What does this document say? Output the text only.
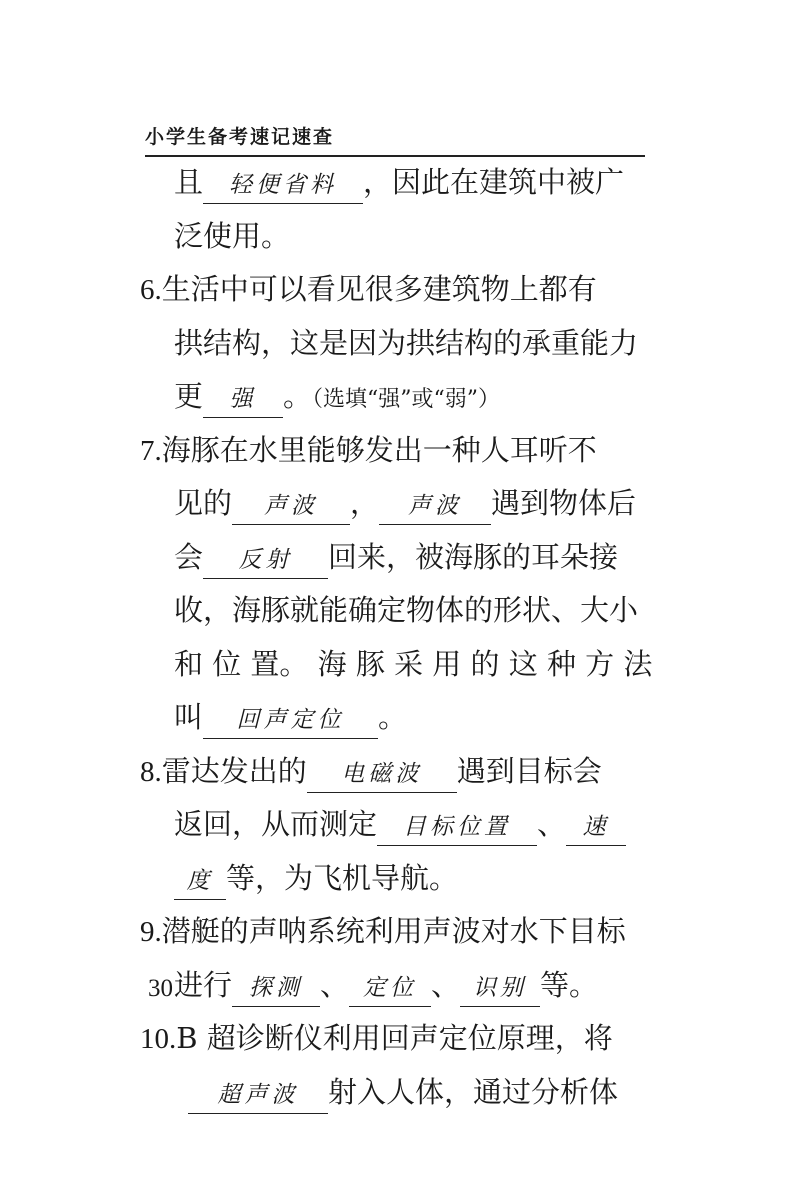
小学生备考速记速查
且 轻便省料 ，因此在建筑中被广
泛使用。
6.生活中可以看见很多建筑物上都有
拱结构，这是因为拱结构的承重能力
更 强 。（选填“强”或“弱”）
7.海豚在水里能够发出一种人耳听不
见的 声波 ， 声波 遇到物体后
会 反射 回来，被海豚的耳朵接
收，海豚就能确定物体的形状、大小
和 位 置。 海 豚 采 用 的 这 种 方 法
叫 回声定位 。
8.雷达发出的 电磁波 遇到目标会
返回，从而测定 目标位置 、 速
度 等，为飞机导航。
9.潜艇的声呐系统利用声波对水下目标
进行 探测 、 定位 、 识别 等。
10.B 超诊断仪利用回声定位原理，将
超声波 射入人体，通过分析体
30
